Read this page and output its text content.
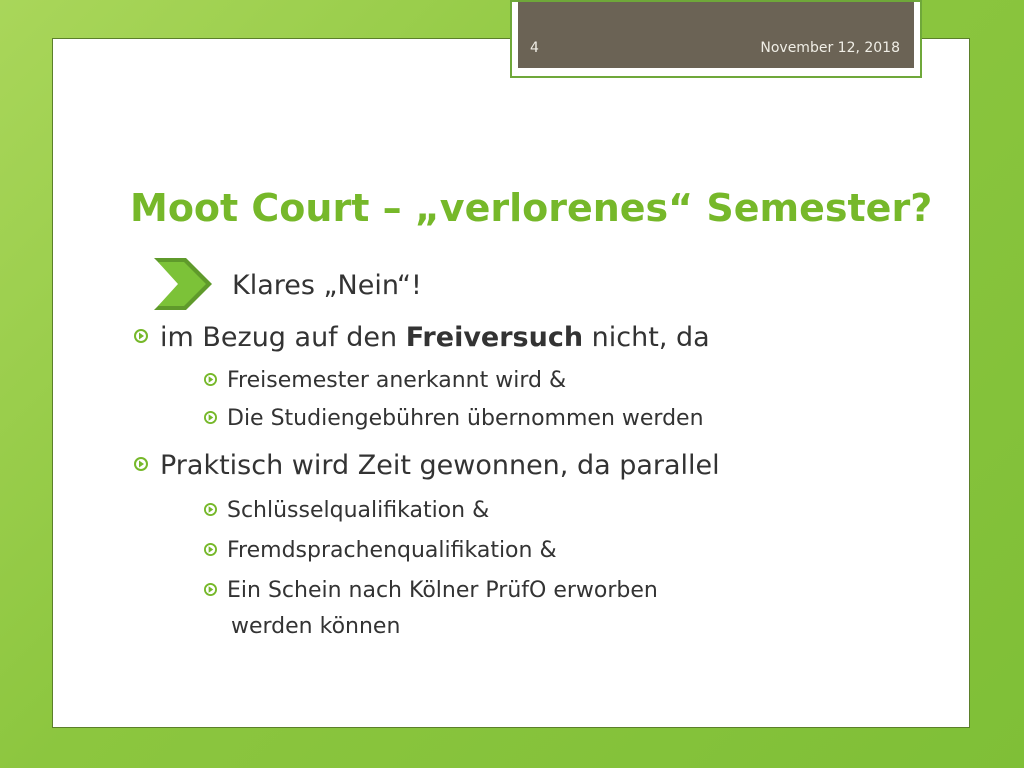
4	November 12, 2018
Moot Court – „verlorenes“ Semester?
Klares „Nein“!
im Bezug auf den Freiversuch nicht, da
Freisemester anerkannt wird &
Die Studiengebühren übernommen werden
Praktisch wird Zeit gewonnen, da parallel
Schlüsselqualifikation &
Fremdsprachenqualifikation &
Ein Schein nach Kölner PrüfO erworben
werden können
